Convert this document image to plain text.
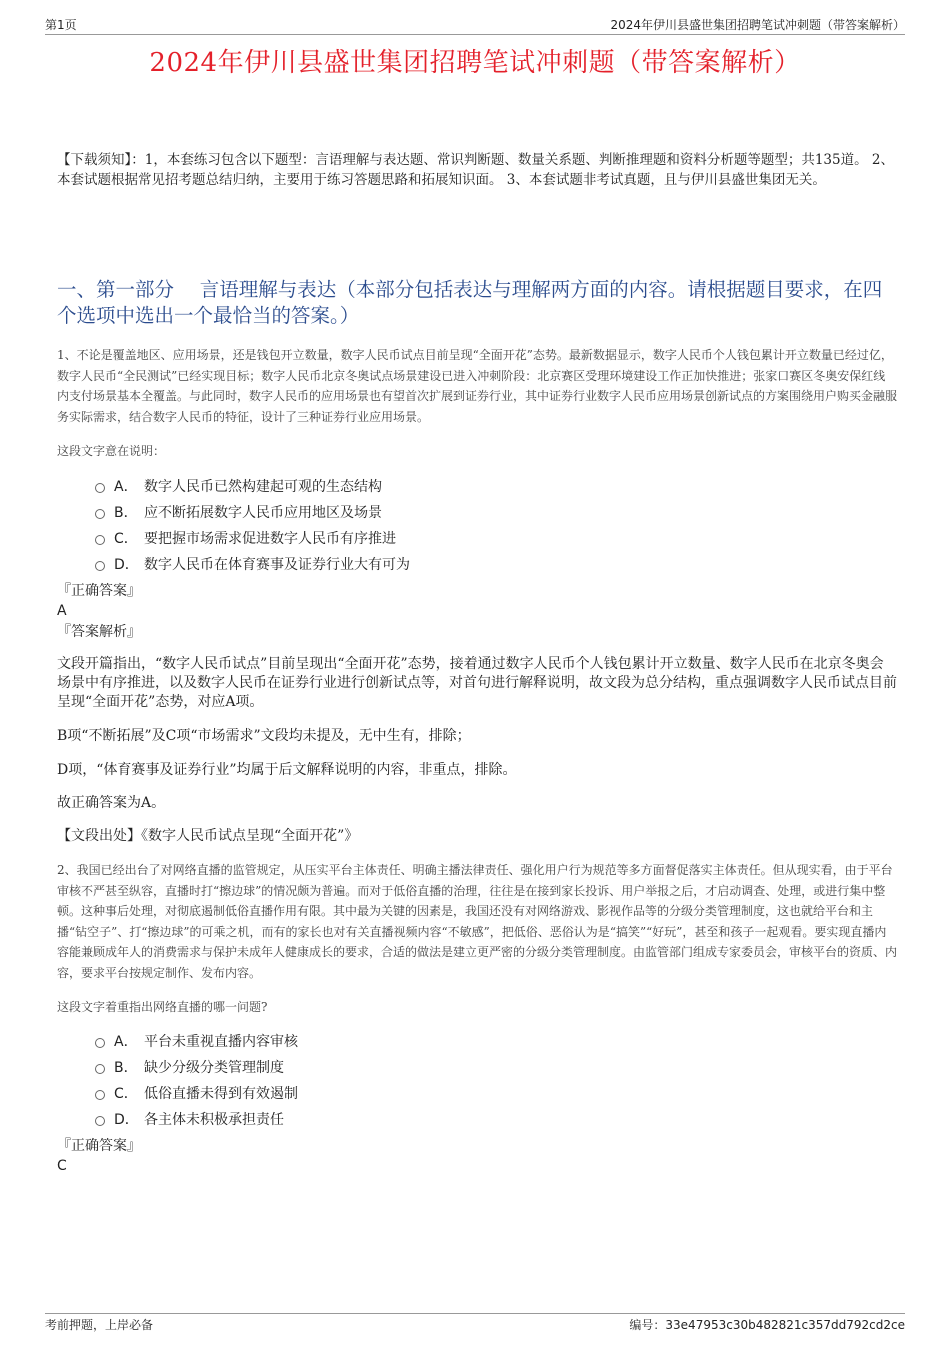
第1页	2024年伊川县盛世集团招聘笔试冲刺题（带答案解析）
2024年伊川县盛世集团招聘笔试冲刺题（带答案解析）
【下载须知】：1，本套练习包含以下题型：言语理解与表达题、常识判断题、数量关系题、判断推理题和资料分析题等题型；共135道。 2、本套试题根据常见招考题总结归纳，主要用于练习答题思路和拓展知识面。 3、本套试题非考试真题，且与伊川县盛世集团无关。
一、第一部分　 言语理解与表达（本部分包括表达与理解两方面的内容。请根据题目要求，在四个选项中选出一个最恰当的答案。）
1、不论是覆盖地区、应用场景，还是钱包开立数量，数字人民币试点目前呈现“全面开花”态势。最新数据显示，数字人民币个人钱包累计开立数量已经过亿，数字人民币“全民测试”已经实现目标；数字人民币北京冬奥试点场景建设已进入冲刺阶段：北京赛区受理环境建设工作正加快推进；张家口赛区冬奥安保红线内支付场景基本全覆盖。与此同时，数字人民币的应用场景也有望首次扩展到证券行业，其中证券行业数字人民币应用场景创新试点的方案围绕用户购买金融服务实际需求，结合数字人民币的特征，设计了三种证券行业应用场景。
这段文字意在说明：
A． 数字人民币已然构建起可观的生态结构
B． 应不断拓展数字人民币应用地区及场景
C． 要把握市场需求促进数字人民币有序推进
D． 数字人民币在体育赛事及证券行业大有可为
『正确答案』
A
『答案解析』
文段开篇指出，“数字人民币试点”目前呈现出“全面开花”态势，接着通过数字人民币个人钱包累计开立数量、数字人民币在北京冬奥会场景中有序推进，以及数字人民币在证券行业进行创新试点等，对首句进行解释说明，故文段为总分结构，重点强调数字人民币试点目前呈现“全面开花”态势，对应A项。
B项“不断拓展”及C项“市场需求”文段均未提及，无中生有，排除；
D项，“体育赛事及证券行业”均属于后文解释说明的内容，非重点，排除。
故正确答案为A。
【文段出处】《数字人民币试点呈现“全面开花”》
2、我国已经出台了对网络直播的监管规定，从压实平台主体责任、明确主播法律责任、强化用户行为规范等多方面督促落实主体责任。但从现实看，由于平台审核不严甚至纵容，直播时打“擦边球”的情况颇为普遍。而对于低俗直播的治理，往往是在接到家长投诉、用户举报之后，才启动调查、处理，或进行集中整顿。这种事后处理，对彻底遏制低俗直播作用有限。其中最为关键的因素是，我国还没有对网络游戏、影视作品等的分级分类管理制度，这也就给平台和主播“钻空子”、打“擦边球”的可乘之机，而有的家长也对有关直播视频内容“不敏感”，把低俗、恶俗认为是“搞笑”“好玩”，甚至和孩子一起观看。要实现直播内容能兼顾成年人的消费需求与保护未成年人健康成长的要求，合适的做法是建立更严密的分级分类管理制度。由监管部门组成专家委员会，审核平台的资质、内容，要求平台按规定制作、发布内容。
这段文字着重指出网络直播的哪一问题?
A． 平台未重视直播内容审核
B． 缺少分级分类管理制度
C． 低俗直播未得到有效遏制
D． 各主体未积极承担责任
『正确答案』
C
考前押题，上岸必备	编号：33e47953c30b482821c357dd792cd2ce
